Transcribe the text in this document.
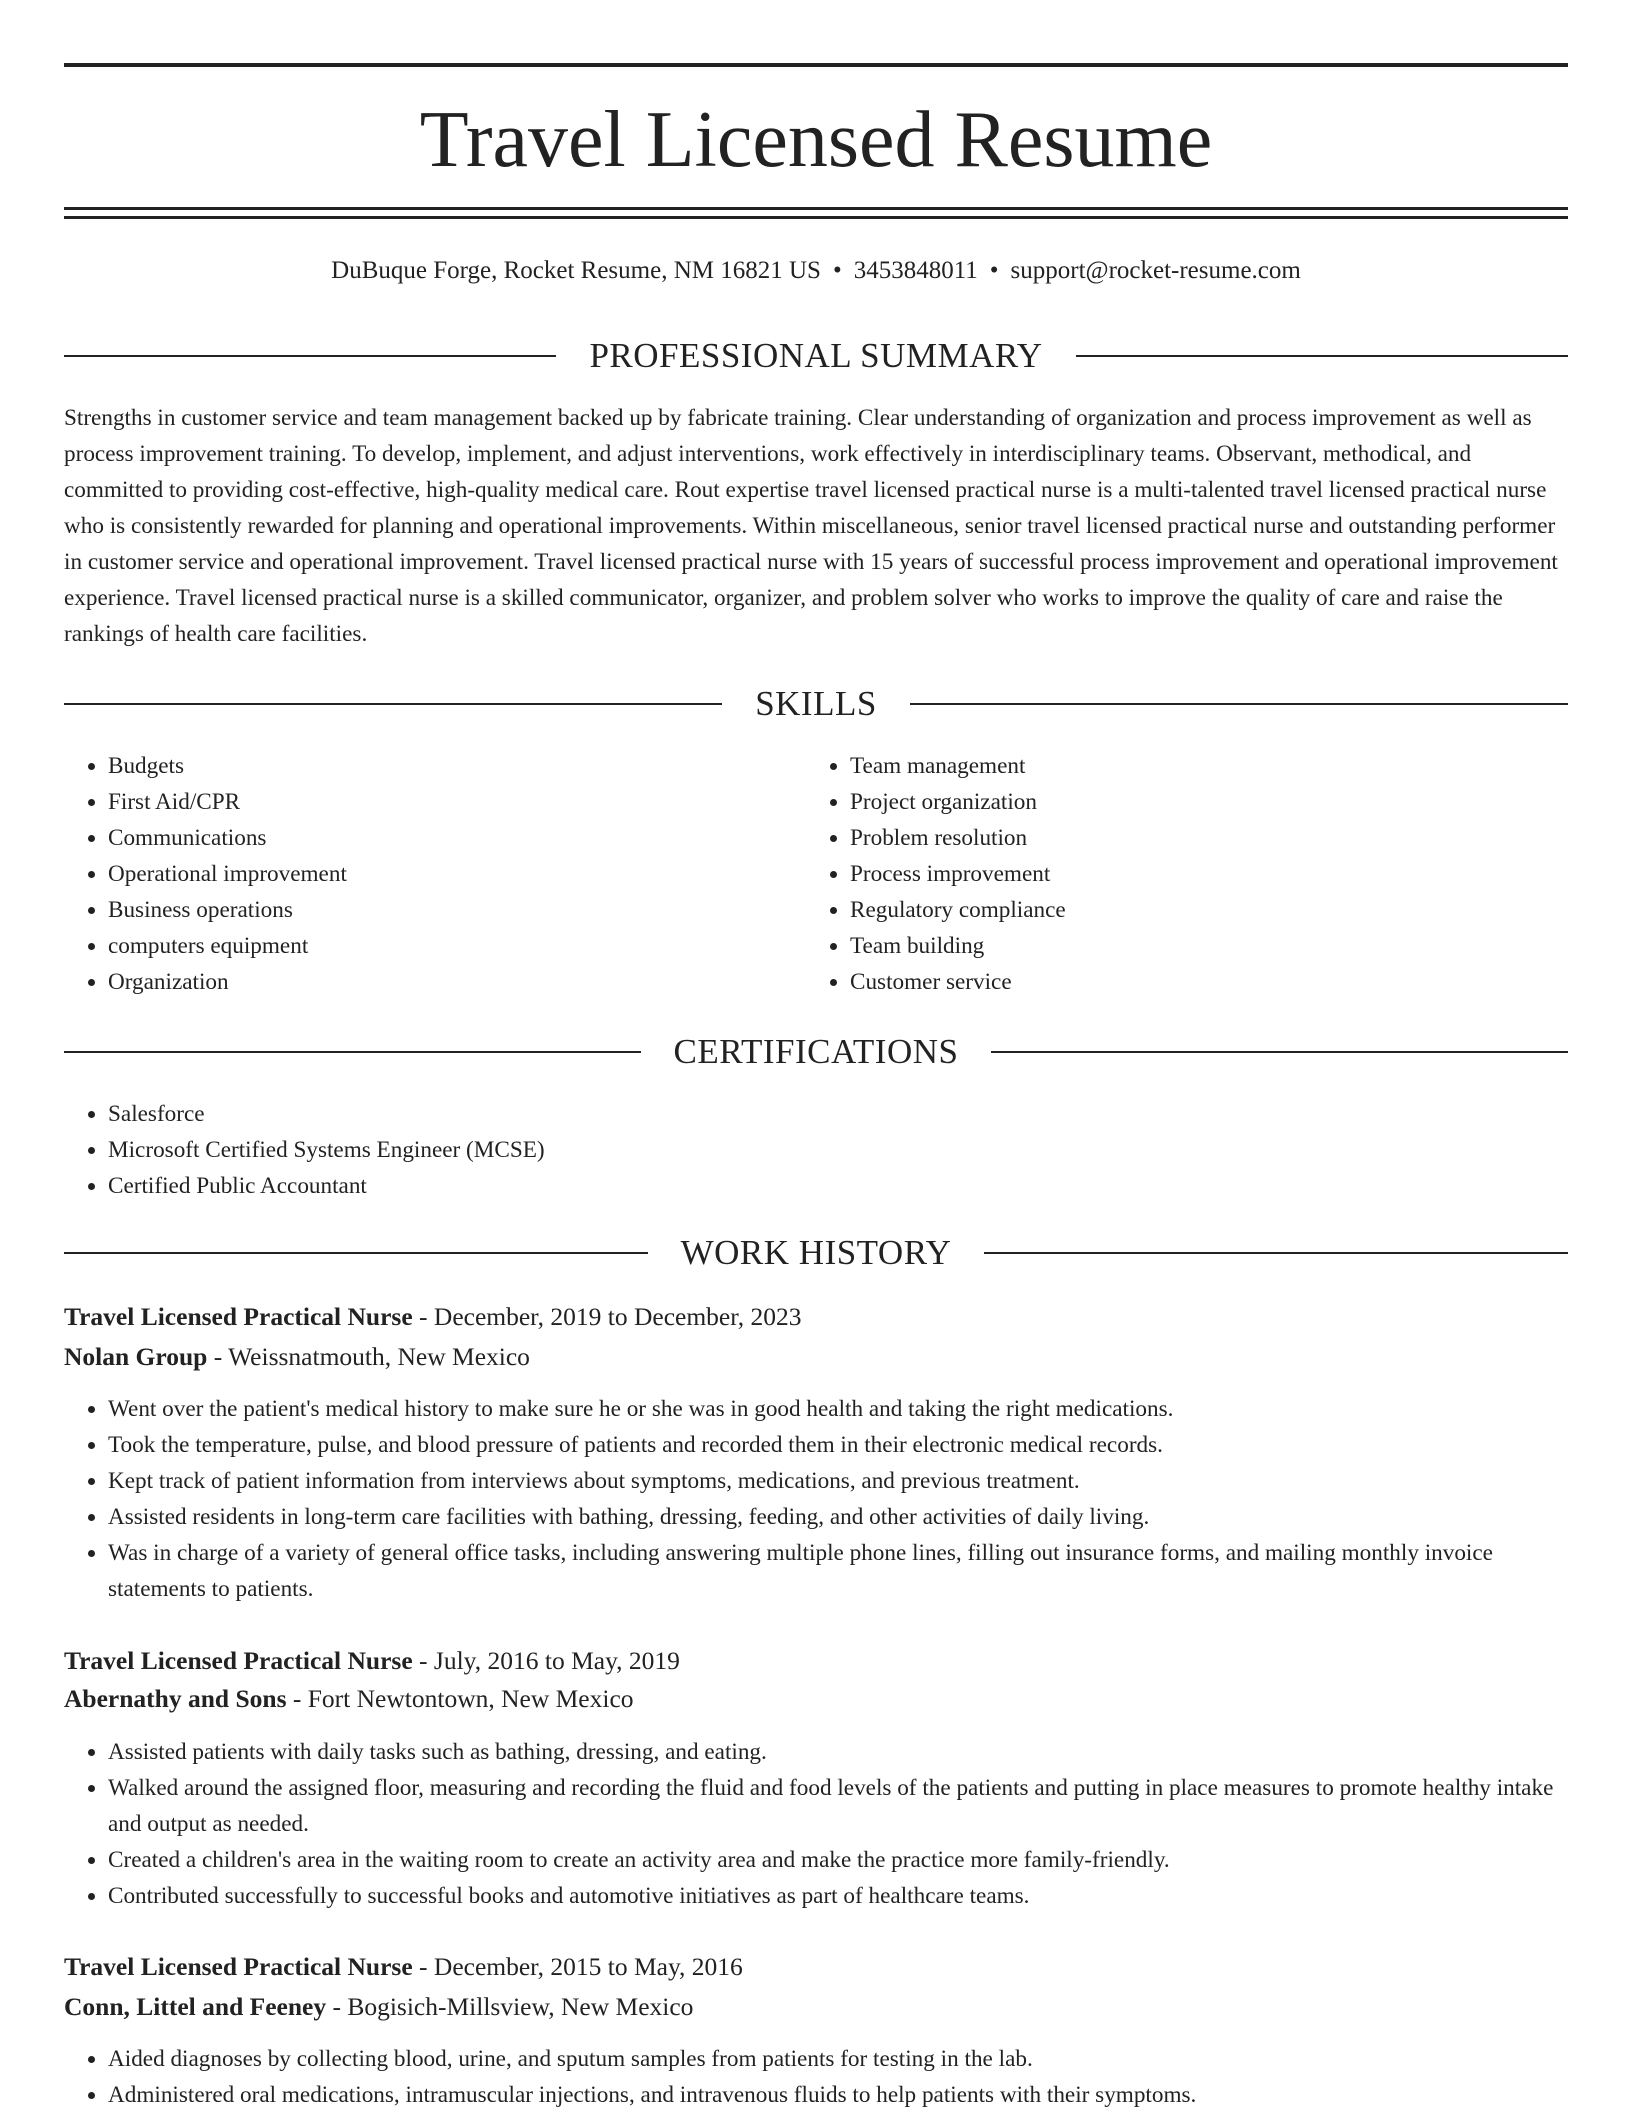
Travel Licensed Resume
DuBuque Forge, Rocket Resume, NM 16821 US • 3453848011 • support@rocket-resume.com
PROFESSIONAL SUMMARY

Strengths in customer service and team management backed up by fabricate training. Clear understanding of organization and process improvement as well as process improvement training. To develop, implement, and adjust interventions, work effectively in interdisciplinary teams. Observant, methodical, and committed to providing cost-effective, high-quality medical care. Rout expertise travel licensed practical nurse is a multi-talented travel licensed practical nurse who is consistently rewarded for planning and operational improvements. Within miscellaneous, senior travel licensed practical nurse and outstanding performer in customer service and operational improvement. Travel licensed practical nurse with 15 years of successful process improvement and operational improvement experience. Travel licensed practical nurse is a skilled communicator, organizer, and problem solver who works to improve the quality of care and raise the rankings of health care facilities.

SKILLS
• Budgets
• First Aid/CPR
• Communications
• Operational improvement
• Business operations
• computers equipment
• Organization
• Team management
• Project organization
• Problem resolution
• Process improvement
• Regulatory compliance
• Team building
• Customer service
CERTIFICATIONS
• Salesforce
• Microsoft Certified Systems Engineer (MCSE)
• Certified Public Accountant
WORK HISTORY
Travel Licensed Practical Nurse - December, 2019 to December, 2023
Nolan Group - Weissnatmouth, New Mexico
• Went over the patient's medical history to make sure he or she was in good health and taking the right medications.
• Took the temperature, pulse, and blood pressure of patients and recorded them in their electronic medical records.
• Kept track of patient information from interviews about symptoms, medications, and previous treatment.
• Assisted residents in long-term care facilities with bathing, dressing, feeding, and other activities of daily living.
• Was in charge of a variety of general office tasks, including answering multiple phone lines, filling out insurance forms, and mailing monthly invoice statements to patients.
Travel Licensed Practical Nurse - July, 2016 to May, 2019
Abernathy and Sons - Fort Newtontown, New Mexico
• Assisted patients with daily tasks such as bathing, dressing, and eating.
• Walked around the assigned floor, measuring and recording the fluid and food levels of the patients and putting in place measures to promote healthy intake and output as needed.
• Created a children's area in the waiting room to create an activity area and make the practice more family-friendly.
• Contributed successfully to successful books and automotive initiatives as part of healthcare teams.
Travel Licensed Practical Nurse - December, 2015 to May, 2016
Conn, Littel and Feeney - Bogisich-Millsview, New Mexico
• Aided diagnoses by collecting blood, urine, and sputum samples from patients for testing in the lab.
• Administered oral medications, intramuscular injections, and intravenous fluids to help patients with their symptoms.
